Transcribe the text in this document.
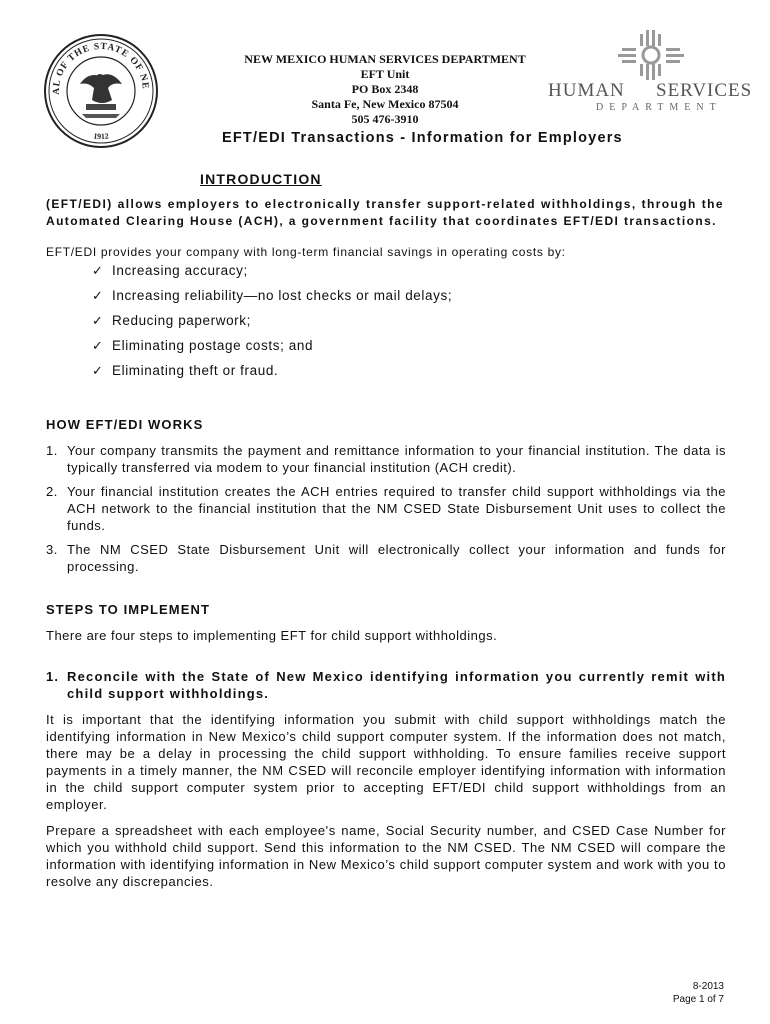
AL OF THE STATE OF NE
1912
NEW MEXICO HUMAN SERVICES DEPARTMENT
EFT Unit
PO Box 2348
Santa Fe, New Mexico 87504
505 476-3910
HUMAN SERVICES
DEPARTMENT
EFT/EDI Transactions - Information for Employers
INTRODUCTION
(EFT/EDI) allows employers to electronically transfer support-related withholdings, through the Automated Clearing House (ACH), a government facility that coordinates EFT/EDI transactions.
EFT/EDI provides your company with long-term financial savings in operating costs by:
✓ Increasing accuracy;
✓ Increasing reliability—no lost checks or mail delays;
✓ Reducing paperwork;
✓ Eliminating postage costs; and
✓ Eliminating theft or fraud.
HOW EFT/EDI WORKS
1. Your company transmits the payment and remittance information to your financial institution. The data is typically transferred via modem to your financial institution (ACH credit).
2. Your financial institution creates the ACH entries required to transfer child support withholdings via the ACH network to the financial institution that the NM CSED State Disbursement Unit uses to collect the funds.
3. The NM CSED State Disbursement Unit will electronically collect your information and funds for processing.
STEPS TO IMPLEMENT
There are four steps to implementing EFT for child support withholdings.
1. Reconcile with the State of New Mexico identifying information you currently remit with child support withholdings.
It is important that the identifying information you submit with child support withholdings match the identifying information in New Mexico’s child support computer system. If the information does not match, there may be a delay in processing the child support withholding. To ensure families receive support payments in a timely manner, the NM CSED will reconcile employer identifying information with information in the child support computer system prior to accepting EFT/EDI child support withholdings from an employer.
Prepare a spreadsheet with each employee's name, Social Security number, and CSED Case Number for which you withhold child support. Send this information to the NM CSED. The NM CSED will compare the information with identifying information in New Mexico’s child support computer system and work with you to resolve any discrepancies.
8-2013
Page 1 of 7
